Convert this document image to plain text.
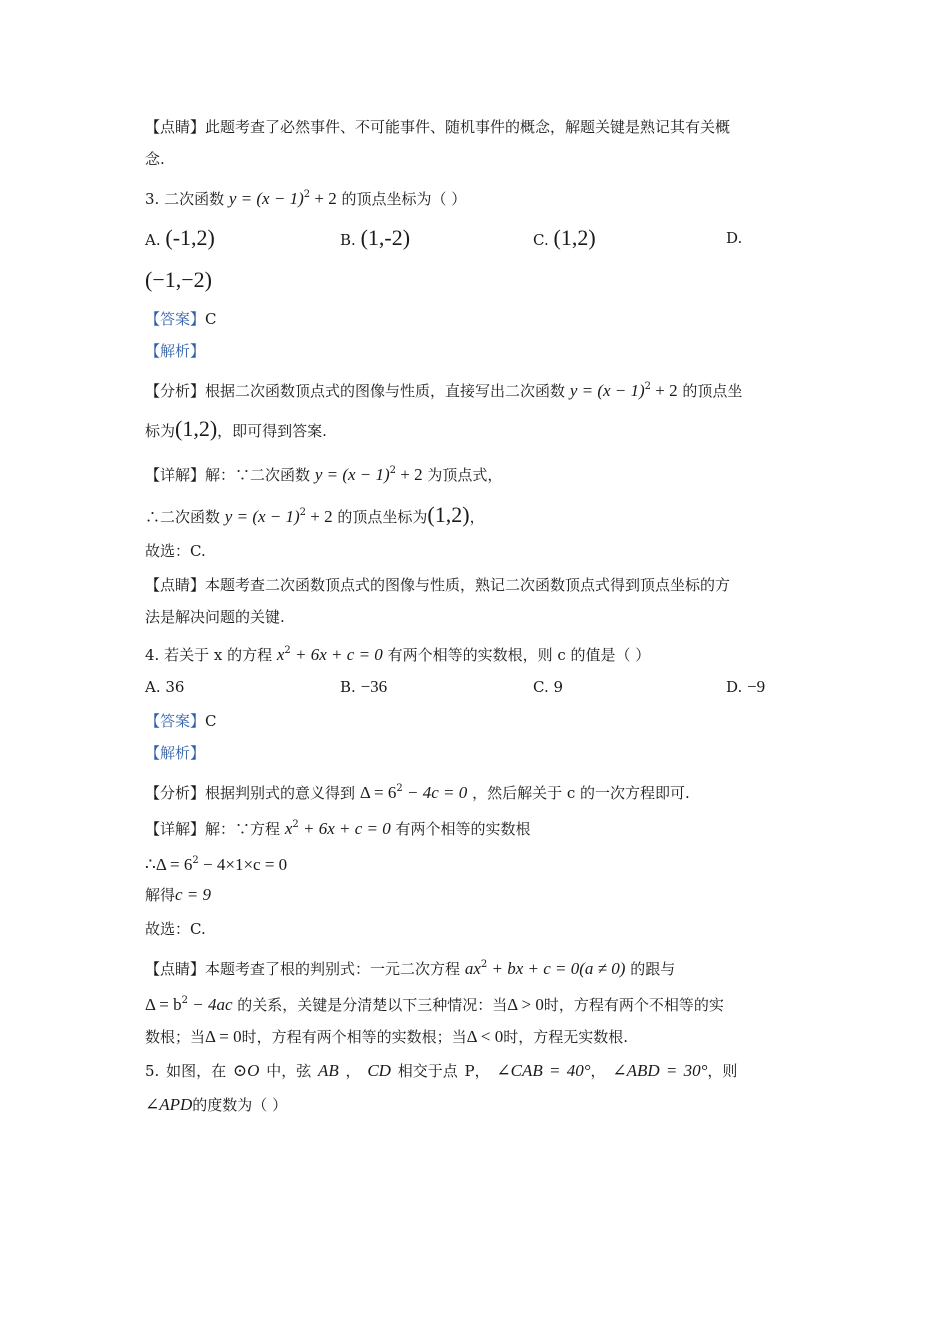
【点睛】此题考查了必然事件、不可能事件、随机事件的概念，解题关键是熟记其有关概
念.
3. 二次函数 $y = (x - 1)^2 + 2$ 的顶点坐标为（ ）
A. (-1,2)	B. (1,-2)	C. (1,2)	D.
(−1,−2)
【答案】C
【解析】
【分析】根据二次函数顶点式的图像与性质，直接写出二次函数 $y = (x - 1)^2 + 2$ 的顶点坐
标为(1,2)，即可得到答案.
【详解】解：∵二次函数 $y = (x - 1)^2 + 2$ 为顶点式，
∴二次函数 $y = (x - 1)^2 + 2$ 的顶点坐标为(1,2)，
故选：C.
【点睛】本题考查二次函数顶点式的图像与性质，熟记二次函数顶点式得到顶点坐标的方
法是解决问题的关键.
4. 若关于 x 的方程 $x^2 + 6x + c = 0$ 有两个相等的实数根，则 c 的值是（ ）
A. 36	B. −36	C. 9	D. −9
【答案】C
【解析】
【分析】根据判别式的意义得到 $\Delta = 6^2 - 4c = 0$ ，然后解关于 c 的一次方程即可.
【详解】解：∵方程 $x^2 + 6x + c = 0$ 有两个相等的实数根
∴Δ = $6^2 - 4\times 1\times c = 0$
解得c = 9
故选：C.
【点睛】本题考查了根的判别式：一元二次方程 $ax^2$ + bx + c = 0(a ≠ 0) 的跟与
$\Delta = b^2 - 4ac$ 的关系，关键是分清楚以下三种情况：当Δ > 0时，方程有两个不相等的实
数根；当Δ = 0时，方程有两个相等的实数根；当Δ < 0时，方程无实数根.
5. 如图，在 ⊙O 中，弦 AB ， CD 相交于点 P， ∠CAB = 40°， ∠ABD = 30°，则
∠APD的度数为（ ）
